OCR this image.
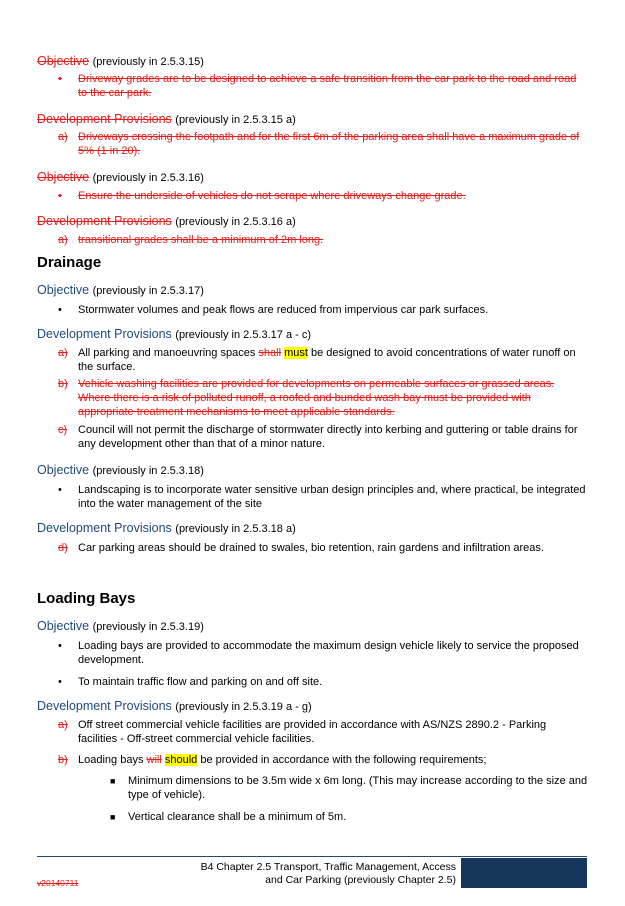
Objective (previously in 2.5.3.15)
•	Driveway grades are to be designed to achieve a safe transition from the car park to the road and road to the car park.
Development Provisions (previously in 2.5.3.15 a)
a) Driveways crossing the footpath and for the first 6m of the parking area shall have a maximum grade of 5% (1 in 20).
Objective (previously in 2.5.3.16)
•	Ensure the underside of vehicles do not scrape where driveways change grade.
Development Provisions (previously in 2.5.3.16 a)
a) transitional grades shall be a minimum of 2m long.
Drainage
Objective (previously in 2.5.3.17)
•	Stormwater volumes and peak flows are reduced from impervious car park surfaces.
Development Provisions (previously in 2.5.3.17 a - c)
a) All parking and manoeuvring spaces shall must be designed to avoid concentrations of water runoff on the surface.
b) Vehicle washing facilities are provided for developments on permeable surfaces or grassed areas. Where there is a risk of polluted runoff, a roofed and bunded wash bay must be provided with appropriate treatment mechanisms to meet applicable standards.
c) Council will not permit the discharge of stormwater directly into kerbing and guttering or table drains for any development other than that of a minor nature.
Objective (previously in 2.5.3.18)
•	Landscaping is to incorporate water sensitive urban design principles and, where practical, be integrated into the water management of the site
Development Provisions (previously in 2.5.3.18 a)
d) Car parking areas should be drained to swales, bio retention, rain gardens and infiltration areas.
Loading Bays
Objective (previously in 2.5.3.19)
•	Loading bays are provided to accommodate the maximum design vehicle likely to service the proposed development.
•	To maintain traffic flow and parking on and off site.
Development Provisions (previously in 2.5.3.19 a - g)
a) Off street commercial vehicle facilities are provided in accordance with AS/NZS 2890.2 - Parking facilities - Off-street commercial vehicle facilities.
b) Loading bays will should be provided in accordance with the following requirements;
■	Minimum dimensions to be 3.5m wide x 6m long. (This may increase according to the size and type of vehicle).
■	Vertical clearance shall be a minimum of 5m.
B4 Chapter 2.5 Transport, Traffic Management, Access
and Car Parking (previously Chapter 2.5)
v20140711
